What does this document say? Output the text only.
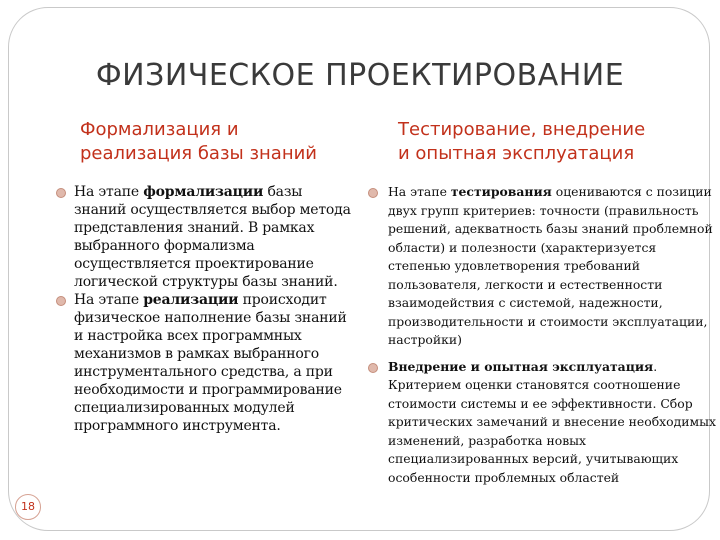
ФИЗИЧЕСКОЕ ПРОЕКТИРОВАНИЕ
Формализация и
реализация базы знаний
Тестирование, внедрение
и опытная эксплуатация
На этапе формализации базы знаний осуществляется выбор метода представления знаний. В рамках выбранного формализма осуществляется проектирование логической структуры базы знаний.
На этапе реализации происходит физическое наполнение базы знаний и настройка всех программных механизмов в рамках выбранного инструментального средства, а при необходимости и программирование специализированных модулей программного инструмента.
На этапе тестирования оцениваются с позиции двух групп критериев: точности (правильность решений, адекватность базы знаний проблемной области) и полезности (характеризуется степенью удовлетворения требований пользователя, легкости и естественности взаимодействия с системой, надежности, производительности и стоимости эксплуатации, настройки)
Внедрение и опытная эксплуатация. Критерием оценки становятся соотношение стоимости системы и ее эффективности. Сбор критических замечаний и внесение необходимых изменений, разработка новых специализированных версий, учитывающих особенности проблемных областей
18
